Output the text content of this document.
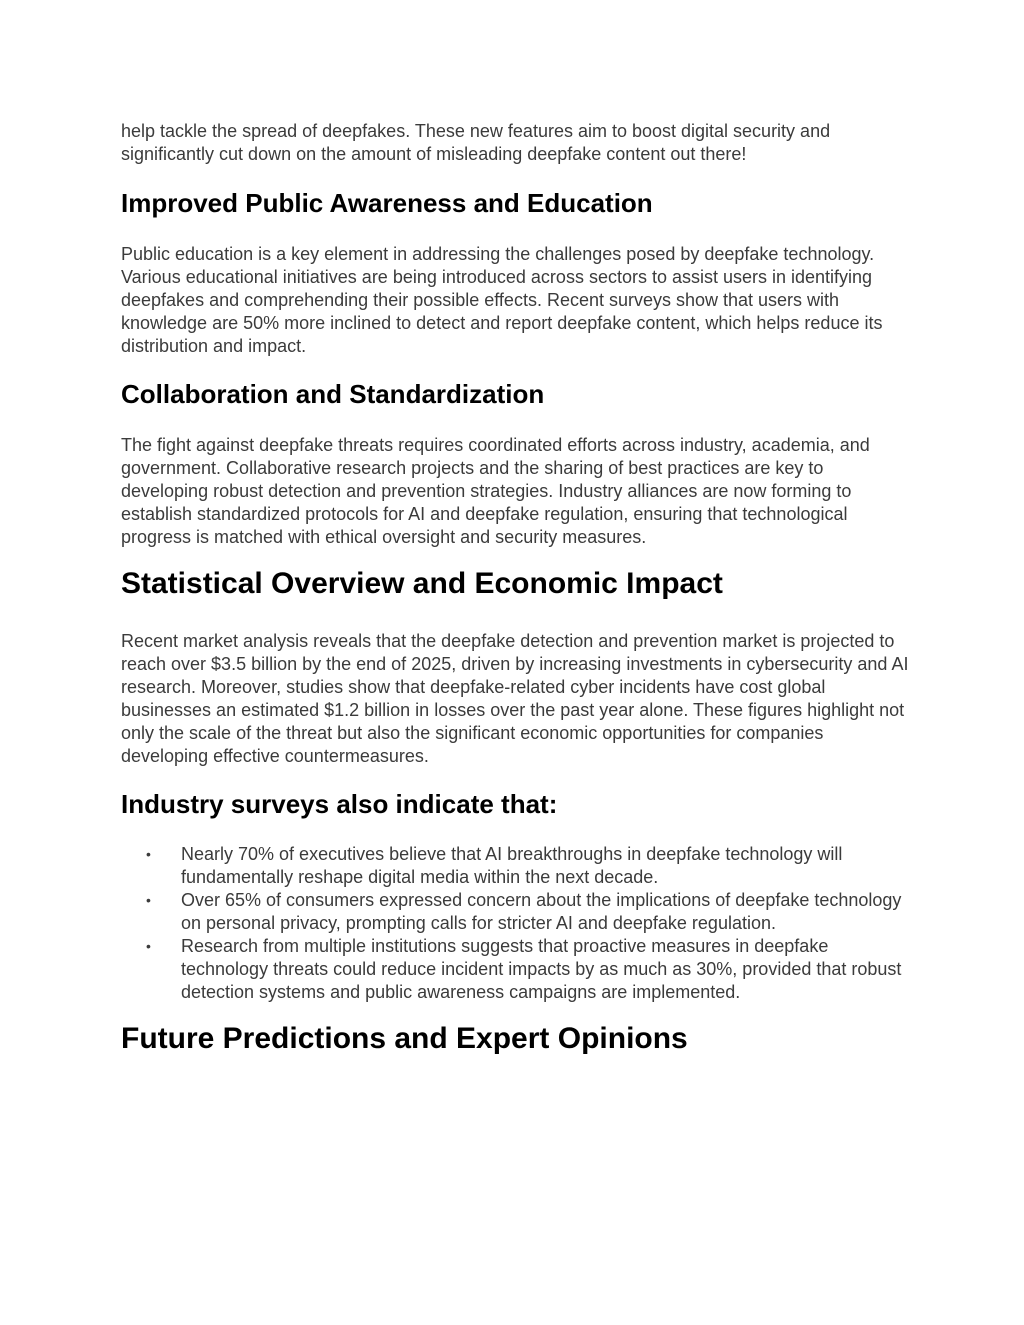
help tackle the spread of deepfakes. These new features aim to boost digital security and significantly cut down on the amount of misleading deepfake content out there!

Improved Public Awareness and Education

Public education is a key element in addressing the challenges posed by deepfake technology. Various educational initiatives are being introduced across sectors to assist users in identifying deepfakes and comprehending their possible effects. Recent surveys show that users with knowledge are 50% more inclined to detect and report deepfake content, which helps reduce its distribution and impact.

Collaboration and Standardization

The fight against deepfake threats requires coordinated efforts across industry, academia, and government. Collaborative research projects and the sharing of best practices are key to developing robust detection and prevention strategies. Industry alliances are now forming to establish standardized protocols for AI and deepfake regulation, ensuring that technological progress is matched with ethical oversight and security measures.

Statistical Overview and Economic Impact

Recent market analysis reveals that the deepfake detection and prevention market is projected to reach over $3.5 billion by the end of 2025, driven by increasing investments in cybersecurity and AI research. Moreover, studies show that deepfake-related cyber incidents have cost global businesses an estimated $1.2 billion in losses over the past year alone. These figures highlight not only the scale of the threat but also the significant economic opportunities for companies developing effective countermeasures.

Industry surveys also indicate that:
• Nearly 70% of executives believe that AI breakthroughs in deepfake technology will fundamentally reshape digital media within the next decade.
• Over 65% of consumers expressed concern about the implications of deepfake technology on personal privacy, prompting calls for stricter AI and deepfake regulation.
• Research from multiple institutions suggests that proactive measures in deepfake technology threats could reduce incident impacts by as much as 30%, provided that robust detection systems and public awareness campaigns are implemented.
Future Predictions and Expert Opinions
